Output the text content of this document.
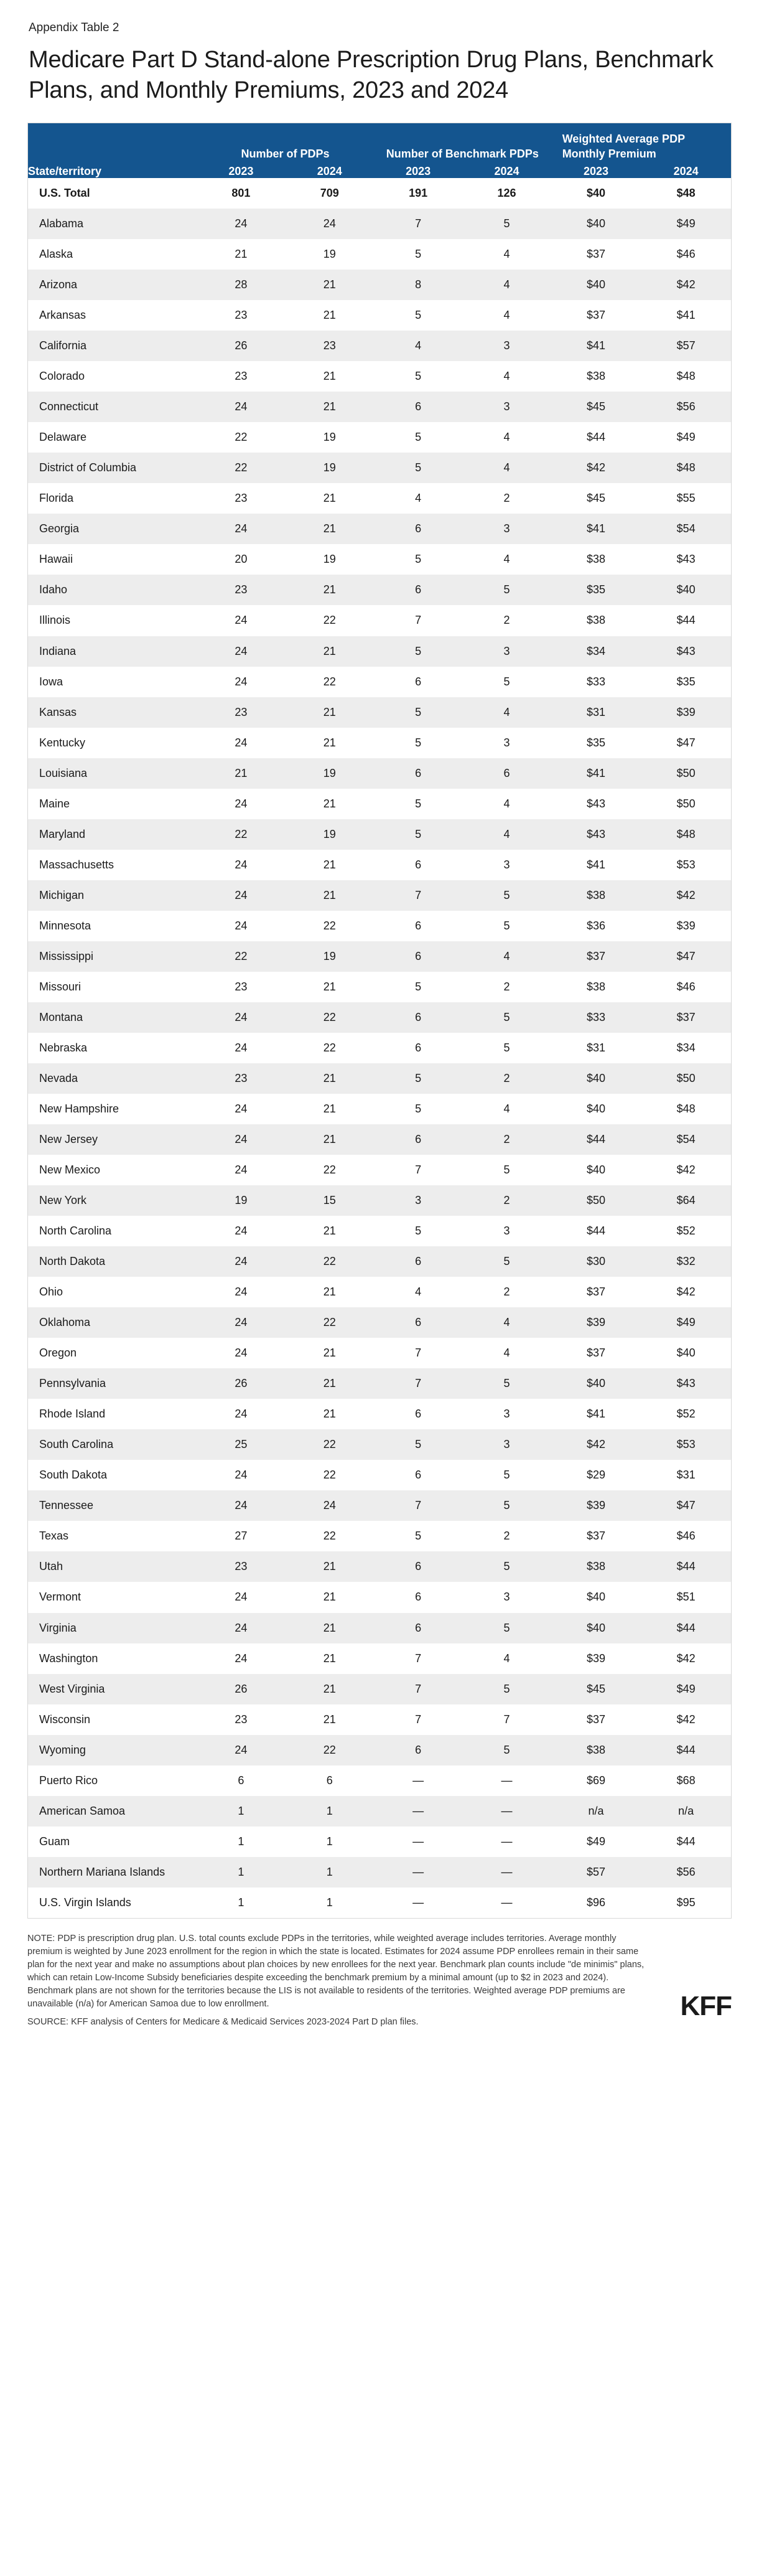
Appendix Table 2
Medicare Part D Stand-alone Prescription Drug Plans, Benchmark Plans, and Monthly Premiums, 2023 and 2024
	Number of PDPs		Number of Benchmark PDPs		Weighted Average PDP Monthly Premium	
State/territory	2023	2024	2023	2024	2023	2024
U.S. Total	801	709	191	126	$40	$48
Alabama	24	24	7	5	$40	$49
Alaska	21	19	5	4	$37	$46
Arizona	28	21	8	4	$40	$42
Arkansas	23	21	5	4	$37	$41
California	26	23	4	3	$41	$57
Colorado	23	21	5	4	$38	$48
Connecticut	24	21	6	3	$45	$56
Delaware	22	19	5	4	$44	$49
District of Columbia	22	19	5	4	$42	$48
Florida	23	21	4	2	$45	$55
Georgia	24	21	6	3	$41	$54
Hawaii	20	19	5	4	$38	$43
Idaho	23	21	6	5	$35	$40
Illinois	24	22	7	2	$38	$44
Indiana	24	21	5	3	$34	$43
Iowa	24	22	6	5	$33	$35
Kansas	23	21	5	4	$31	$39
Kentucky	24	21	5	3	$35	$47
Louisiana	21	19	6	6	$41	$50
Maine	24	21	5	4	$43	$50
Maryland	22	19	5	4	$43	$48
Massachusetts	24	21	6	3	$41	$53
Michigan	24	21	7	5	$38	$42
Minnesota	24	22	6	5	$36	$39
Mississippi	22	19	6	4	$37	$47
Missouri	23	21	5	2	$38	$46
Montana	24	22	6	5	$33	$37
Nebraska	24	22	6	5	$31	$34
Nevada	23	21	5	2	$40	$50
New Hampshire	24	21	5	4	$40	$48
New Jersey	24	21	6	2	$44	$54
New Mexico	24	22	7	5	$40	$42
New York	19	15	3	2	$50	$64
North Carolina	24	21	5	3	$44	$52
North Dakota	24	22	6	5	$30	$32
Ohio	24	21	4	2	$37	$42
Oklahoma	24	22	6	4	$39	$49
Oregon	24	21	7	4	$37	$40
Pennsylvania	26	21	7	5	$40	$43
Rhode Island	24	21	6	3	$41	$52
South Carolina	25	22	5	3	$42	$53
South Dakota	24	22	6	5	$29	$31
Tennessee	24	24	7	5	$39	$47
Texas	27	22	5	2	$37	$46
Utah	23	21	6	5	$38	$44
Vermont	24	21	6	3	$40	$51
Virginia	24	21	6	5	$40	$44
Washington	24	21	7	4	$39	$42
West Virginia	26	21	7	5	$45	$49
Wisconsin	23	21	7	7	$37	$42
Wyoming	24	22	6	5	$38	$44
Puerto Rico	6	6	—	—	$69	$68
American Samoa	1	1	—	—	n/a	n/a
Guam	1	1	—	—	$49	$44
Northern Mariana Islands	1	1	—	—	$57	$56
U.S. Virgin Islands	1	1	—	—	$96	$95

NOTE: PDP is prescription drug plan. U.S. total counts exclude PDPs in the territories, while weighted average includes territories. Average monthly premium is weighted by June 2023 enrollment for the region in which the state is located. Estimates for 2024 assume PDP enrollees remain in their same plan for the next year and make no assumptions about plan choices by new enrollees for the next year. Benchmark plan counts include "de minimis" plans, which can retain Low-Income Subsidy beneficiaries despite exceeding the benchmark premium by a minimal amount (up to $2 in 2023 and 2024). Benchmark plans are not shown for the territories because the LIS is not available to residents of the territories. Weighted average PDP premiums are unavailable (n/a) for American Samoa due to low enrollment.

SOURCE: KFF analysis of Centers for Medicare & Medicaid Services 2023-2024 Part D plan files.

KFF
